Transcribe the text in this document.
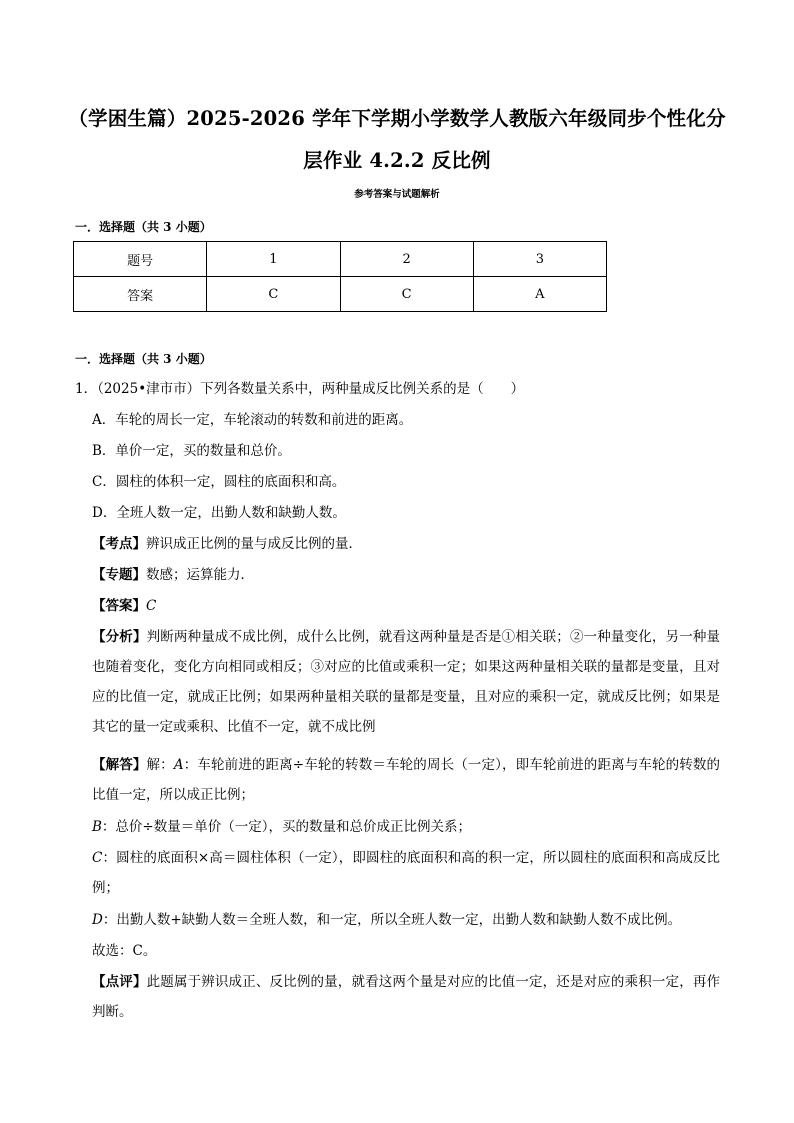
（学困生篇）2025-2026 学年下学期小学数学人教版六年级同步个性化分
层作业 4.2.2 反比例
参考答案与试题解析
一．选择题（共 3 小题）
题号	1	2	3
答案	C	C	A
一．选择题（共 3 小题）
1．（2025•津市市）下列各数量关系中，两种量成反比例关系的是（　　）
A．车轮的周长一定，车轮滚动的转数和前进的距离。
B．单价一定，买的数量和总价。
C．圆柱的体积一定，圆柱的底面积和高。
D．全班人数一定，出勤人数和缺勤人数。
【考点】辨识成正比例的量与成反比例的量．
【专题】数感；运算能力．
【答案】C
【分析】判断两种量成不成比例，成什么比例，就看这两种量是否是①相关联；②一种量变化，另一种量也随着变化，变化方向相同或相反；③对应的比值或乘积一定；如果这两种量相关联的量都是变量，且对应的比值一定，就成正比例；如果两种量相关联的量都是变量，且对应的乘积一定，就成反比例；如果是其它的量一定或乘积、比值不一定，就不成比例
【解答】解：A：车轮前进的距离÷车轮的转数＝车轮的周长（一定），即车轮前进的距离与车轮的转数的比值一定，所以成正比例；
B：总价÷数量＝单价（一定），买的数量和总价成正比例关系；
C：圆柱的底面积×高＝圆柱体积（一定），即圆柱的底面积和高的积一定，所以圆柱的底面积和高成反比例；
D：出勤人数+缺勤人数＝全班人数，和一定，所以全班人数一定，出勤人数和缺勤人数不成比例。
故选：C。
【点评】此题属于辨识成正、反比例的量，就看这两个量是对应的比值一定，还是对应的乘积一定，再作判断。
